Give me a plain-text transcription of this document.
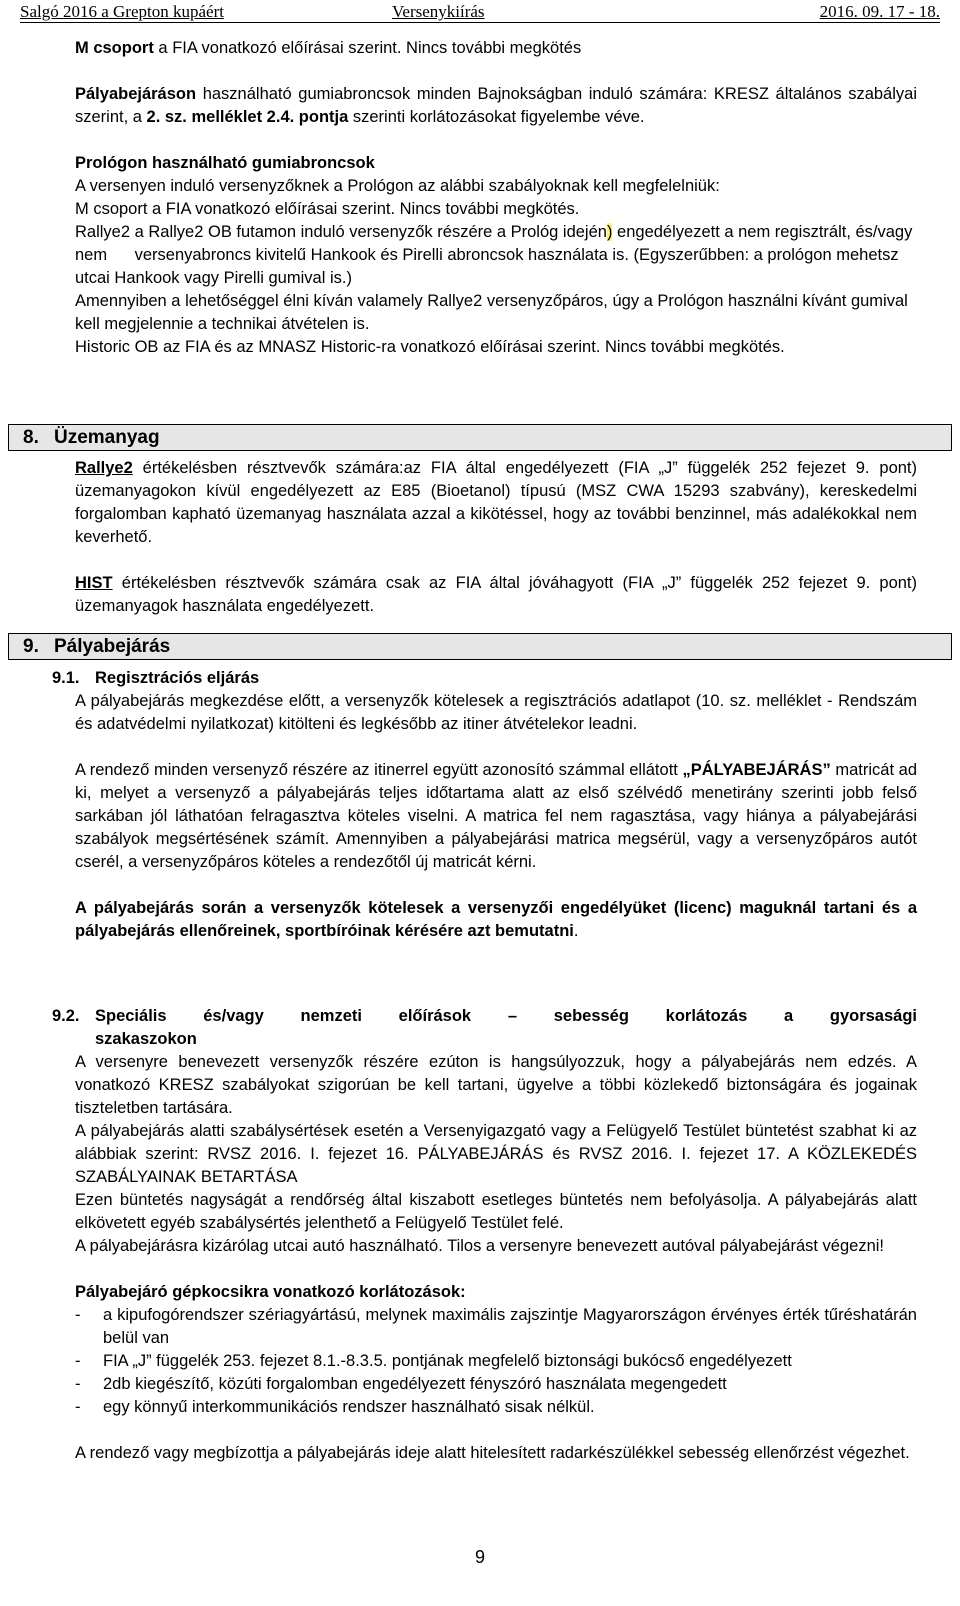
Salgó 2016 a Grepton kupáért	Versenykiírás	2016. 09. 17 - 18.

M csoport a FIA vonatkozó előírásai szerint. Nincs további megkötés

Pályabejáráson használható gumiabroncsok minden Bajnokságban induló számára: KRESZ általános szabályai szerint, a 2. sz. melléklet 2.4. pontja szerinti korlátozásokat figyelembe véve.

Prológon használható gumiabroncsok

A versenyen induló versenyzőknek a Prológon az alábbi szabályoknak kell megfelelniük:

M csoport a FIA vonatkozó előírásai szerint. Nincs további megkötés.

Rallye2 a Rallye2 OB futamon induló versenyzők részére a Prológ idején) engedélyezett a nem regisztrált, és/vagy nem      versenyabroncs kivitelű Hankook és Pirelli abroncsok használata is. (Egyszerűbben: a prológon mehetsz utcai Hankook vagy Pirelli gumival is.)

Amennyiben a lehetőséggel élni kíván valamely Rallye2 versenyzőpáros, úgy a Prológon használni kívánt gumival kell megjelennie a technikai átvételen is.

Historic OB az FIA és az MNASZ Historic-ra vonatkozó előírásai szerint. Nincs további megkötés.

8. Üzemanyag

Rallye2 értékelésben résztvevők számára:az FIA által engedélyezett (FIA „J” függelék 252 fejezet 9. pont) üzemanyagokon kívül engedélyezett az E85 (Bioetanol) típusú (MSZ CWA 15293 szabvány), kereskedelmi forgalomban kapható üzemanyag használata azzal a kikötéssel, hogy az további benzinnel, más adalékokkal nem keverhető.

HIST értékelésben résztvevők számára csak az FIA által jóváhagyott (FIA „J” függelék 252 fejezet 9. pont) üzemanyagok használata engedélyezett.

9. Pályabejárás
9.1. Regisztrációs eljárás

A pályabejárás megkezdése előtt, a versenyzők kötelesek a regisztrációs adatlapot (10. sz. melléklet - Rendszám és adatvédelmi nyilatkozat) kitölteni és legkésőbb az itiner átvételekor leadni.

A rendező minden versenyző részére az itinerrel együtt azonosító számmal ellátott „PÁLYABEJÁRÁS” matricát ad ki, melyet a versenyző a pályabejárás teljes időtartama alatt az első szélvédő menetirány szerinti jobb felső sarkában jól láthatóan felragasztva köteles viselni. A matrica fel nem ragasztása, vagy hiánya a pályabejárási szabályok megsértésének számít. Amennyiben a pályabejárási matrica megsérül, vagy a versenyzőpáros autót cserél, a versenyzőpáros köteles a rendezőtől új matricát kérni.

A pályabejárás során a versenyzők kötelesek a versenyzői engedélyüket (licenc) maguknál tartani és a pályabejárás ellenőreinek, sportbíróinak kérésére azt bemutatni.

9.2. Speciális és/vagy nemzeti előírások – sebesség korlátozás a gyorsasági
szakaszokon

A versenyre benevezett versenyzők részére ezúton is hangsúlyozzuk, hogy a pályabejárás nem edzés. A vonatkozó KRESZ szabályokat szigorúan be kell tartani, ügyelve a többi közlekedő biztonságára és jogainak tiszteletben tartására.

A pályabejárás alatti szabálysértések esetén a Versenyigazgató vagy a Felügyelő Testület büntetést szabhat ki az alábbiak szerint: RVSZ 2016. I. fejezet 16. PÁLYABEJÁRÁS és RVSZ 2016. I. fejezet 17. A KÖZLEKEDÉS SZABÁLYAINAK BETARTÁSA

Ezen büntetés nagyságát a rendőrség által kiszabott esetleges büntetés nem befolyásolja. A pályabejárás alatt elkövetett egyéb szabálysértés jelenthető a Felügyelő Testület felé.

A pályabejárásra kizárólag utcai autó használható. Tilos a versenyre benevezett autóval pályabejárást végezni!

Pályabejáró gépkocsikra vonatkozó korlátozások:

- a kipufogórendszer szériagyártású, melynek maximális zajszintje Magyarországon érvényes érték tűréshatárán belül van
- FIA „J” függelék 253. fejezet 8.1.-8.3.5. pontjának megfelelő biztonsági bukócső engedélyezett
- 2db kiegészítő, közúti forgalomban engedélyezett fényszóró használata megengedett
- egy könnyű interkommunikációs rendszer használható sisak nélkül.

A rendező vagy megbízottja a pályabejárás ideje alatt hitelesített radarkészülékkel sebesség ellenőrzést végezhet.

9
